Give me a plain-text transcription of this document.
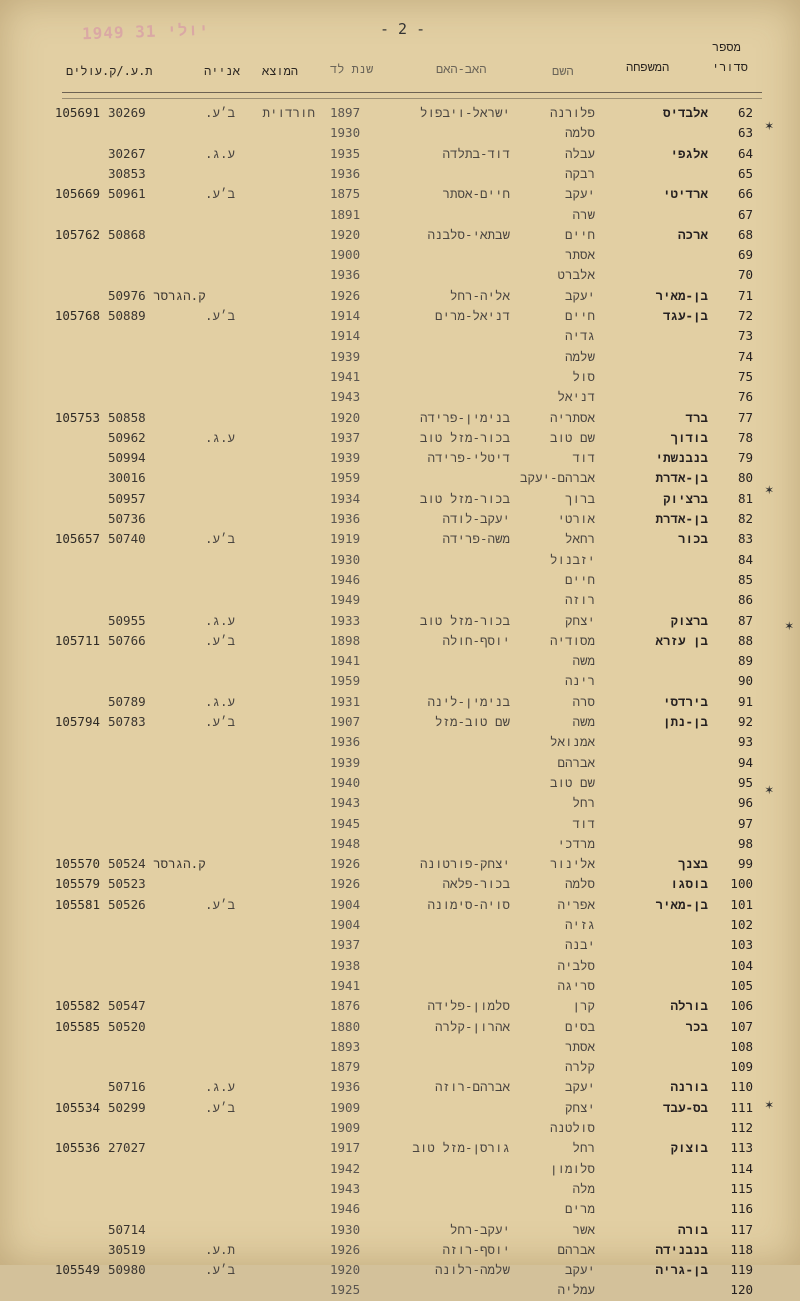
1949 יולי 31	- 2 -
מספר
סדורי
המשפחה
השם
האב-האם
שנת לד
המוצא
אנייה
ת.ע./ק.עולים
62
אלבדיס
פלורנה
ישראל-ויבפול
1897
חורדוית
ב׳ע.
30269
105691
63
סלמה
1930
64
אלגפי
עבלה
דוד-בתלדה
1935
ע.ג.
30267
65
רבקה
1936
30853
66
ארדיטי
יעקב
חיים-אסתר
1875
ב׳ע.
50961
105669
67
שרה
1891
68
ארכה
חיים
שבתאי-סלבנה
1920
50868
105762
69
אסתר
1900
70
אלברט
1936
71
בן-מאיר
יעקב
אליה-רחל
1926
ק.הגרסר 50976
72
בן-עגד
חיים
דניאל-מרים
1914
ב׳ע.
50889
105768
73
גדיה
1914
74
שלמה
1939
75
סול
1941
76
דניאל
1943
77
ברד
אסתריה
בנימין-פרידה
1920
50858
105753
78
בודוך
שם טוב
בכור-מזל טוב
1937
ע.ג.
50962
79
בנבנשתי
דוד
דיטלי-פרידה
1939
50994
80
בן-אדרת
אברהם-יעקב
1959
30016
81
ברציוק
ברוך
בכור-מזל טוב
1934
50957
82
בן-אדרת
אורטי
יעקב-לודה
1936
50736
83
בכור
רחאל
משה-פרידה
1919
ב׳ע.
50740
105657
84
יזבנול
1930
85
חיים
1946
86
רוזה
1949
87
ברצוק
יצחק
בכור-מזל טוב
1933
ע.ג.
50955
88
בן עזרא
מסודיה
יוסף-חולה
1898
ב׳ע.
50766
105711
89
משה
1941
90
רינה
1959
91
בירדסי
סרה
בנימין-לינה
1931
ע.ג.
50789
92
בן-נתן
משה
שם טוב-מזל
1907
ב׳ע.
50783
105794
93
אמנואל
1936
94
אברהם
1939
95
שם טוב
1940
96
רחל
1943
97
דוד
1945
98
מרדכי
1948
99
בצנך
אלינור
יצחק-פורטונה
1926
ק.הגרסר 50524
105570
100
בוסגו
סלמה
בכור-פלאה
1926
50523
105579
101
בן-מאיר
אפריה
סויה-סימונה
1904
ב׳ע.
50526
105581
102
גזיה
1904
103
יבנה
1937
104
סלביה
1938
105
סריגה
1941
106
בורלה
קרן
סלמון-פלידה
1876
50547
105582
107
בכר
בסים
אהרון-קלרה
1880
50520
105585
108
אסתר
1893
109
קלרה
1879
110
בורנה
יעקב
אברהם-רוזה
1936
ע.ג.
50716
111
בס-עבד
יצחק
1909
ב׳ע.
50299
105534
112
סולטנה
1909
113
בוצוק
רחל
גורסן-מזל טוב
1917
27027
105536
114
סלומון
1942
115
מלה
1943
116
מרים
1946
117
בורה
אשר
יעקב-רחל
1930
50714
118
בנבנידה
אברהם
יוסף-רוזה
1926
ת.ע.
30519
119
בן-גריה
יעקב
שלמה-רלונה
1920
ב׳ע.
50980
105549
120
עמליה
1925
✶
✶
✶
✶
✶
